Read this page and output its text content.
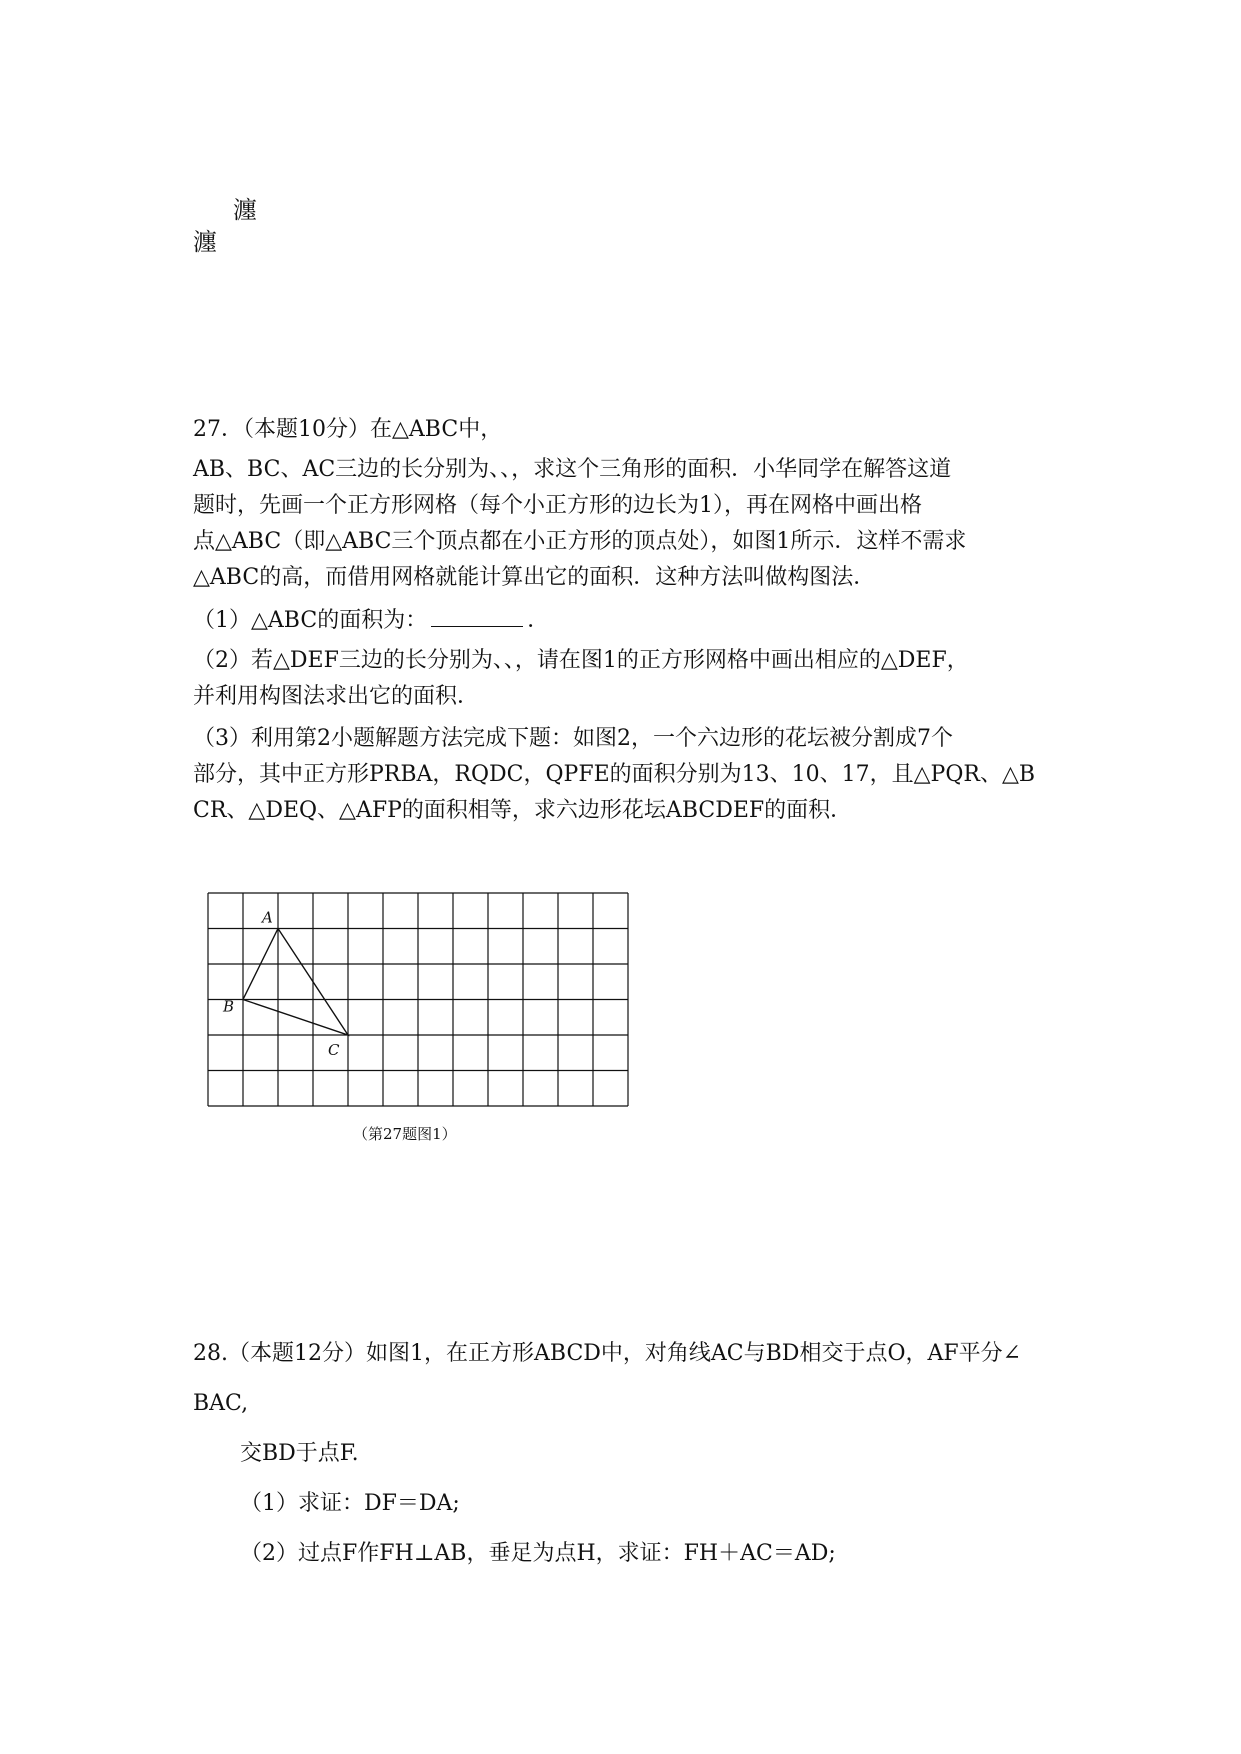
瀍
瀍
27．（本题10分）在△ABC中，
AB、BC、AC三边的长分别为、、，求这个三角形的面积．小华同学在解答这道
题时，先画一个正方形网格（每个小正方形的边长为1），再在网格中画出格
点△ABC（即△ABC三个顶点都在小正方形的顶点处），如图1所示．这样不需求
△ABC的高，而借用网格就能计算出它的面积．这种方法叫做构图法．
（1）△ABC的面积为：	．
（2）若△DEF三边的长分别为、、，请在图1的正方形网格中画出相应的△DEF，
并利用构图法求出它的面积．
（3）利用第2小题解题方法完成下题：如图2，一个六边形的花坛被分割成7个
部分，其中正方形PRBA，RQDC，QPFE的面积分别为13、10、17，且△PQR、△B
CR、△DEQ、△AFP的面积相等，求六边形花坛ABCDEF的面积．
A
B
C
（第27题图1）
28.（本题12分）如图1，在正方形ABCD中，对角线AC与BD相交于点O，AF平分∠
BAC,
交BD于点F.
（1）求证：DF＝DA;
（2）过点F作FH⊥AB，垂足为点H，求证：FH＋AC＝AD;
